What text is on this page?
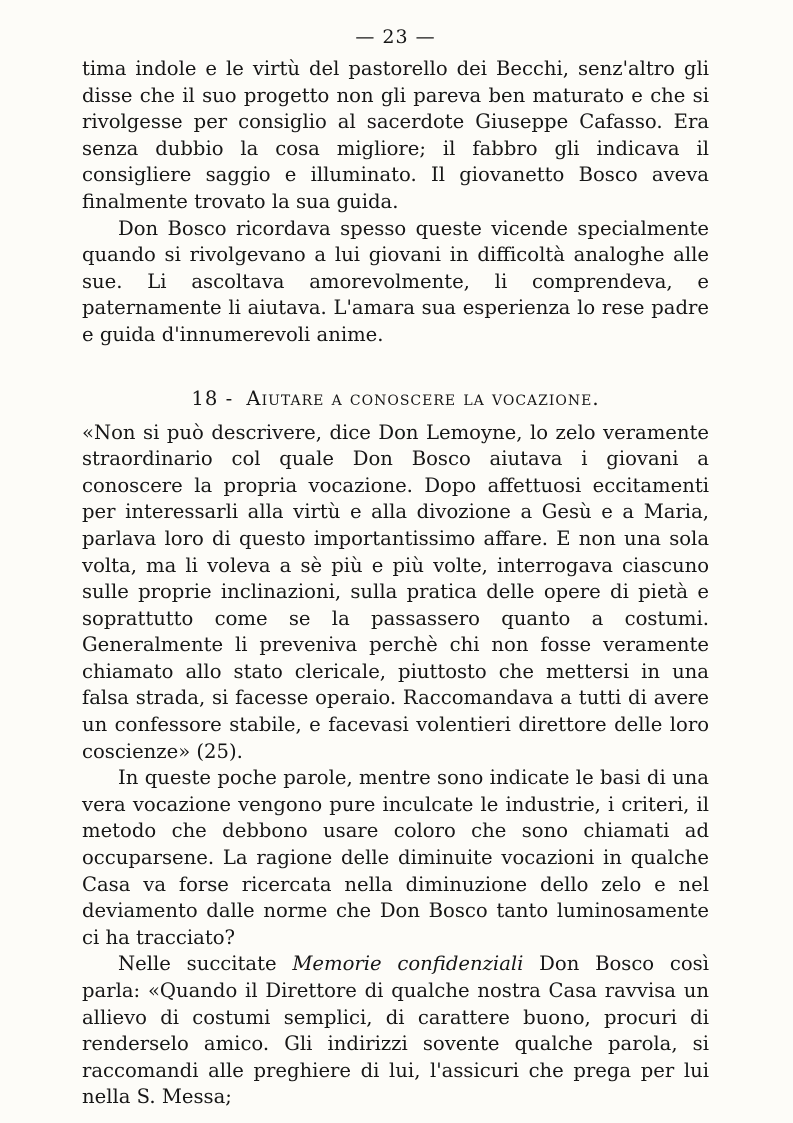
— 23 —

tima indole e le virtù del pastorello dei Becchi, senz'altro gli disse che il suo progetto non gli pareva ben maturato e che si rivolgesse per consiglio al sacerdote Giuseppe Cafasso. Era senza dubbio la cosa migliore; il fabbro gli indicava il consigliere saggio e illuminato. Il giovanetto Bosco aveva finalmente trovato la sua guida.

Don Bosco ricordava spesso queste vicende specialmente quando si rivolgevano a lui giovani in difficoltà analoghe alle sue. Li ascoltava amorevolmente, li comprendeva, e paternamente li aiutava. L'amara sua esperienza lo rese padre e guida d'innumerevoli anime.

18 - Aiutare a conoscere la vocazione.

«Non si può descrivere, dice Don Lemoyne, lo zelo veramente straordinario col quale Don Bosco aiutava i giovani a conoscere la propria vocazione. Dopo affettuosi eccitamenti per interessarli alla virtù e alla divozione a Gesù e a Maria, parlava loro di questo importantissimo affare. E non una sola volta, ma li voleva a sè più e più volte, interrogava ciascuno sulle proprie inclinazioni, sulla pratica delle opere di pietà e soprattutto come se la passassero quanto a costumi. Generalmente li preveniva perchè chi non fosse veramente chiamato allo stato clericale, piuttosto che mettersi in una falsa strada, si facesse operaio. Raccomandava a tutti di avere un confessore stabile, e facevasi volentieri direttore delle loro coscienze» (25).

In queste poche parole, mentre sono indicate le basi di una vera vocazione vengono pure inculcate le industrie, i criteri, il metodo che debbono usare coloro che sono chiamati ad occuparsene. La ragione delle diminuite vocazioni in qualche Casa va forse ricercata nella diminuzione dello zelo e nel deviamento dalle norme che Don Bosco tanto luminosamente ci ha tracciato?

Nelle succitate Memorie confidenziali Don Bosco così parla: «Quando il Direttore di qualche nostra Casa ravvisa un allievo di costumi semplici, di carattere buono, procuri di renderselo amico. Gli indirizzi sovente qualche parola, si raccomandi alle preghiere di lui, l'assicuri che prega per lui nella S. Messa;
